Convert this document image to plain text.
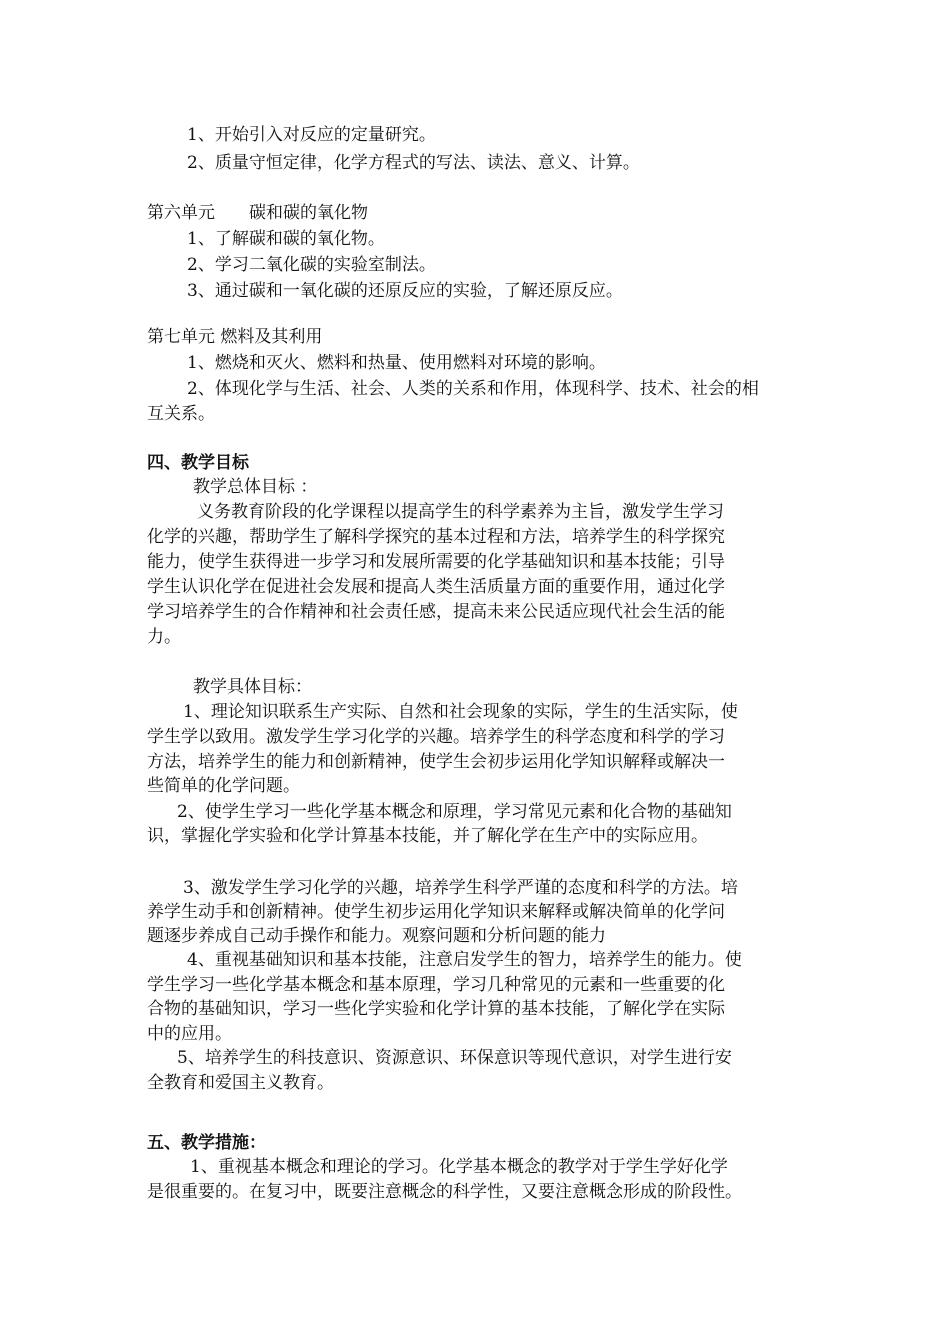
1、开始引入对反应的定量研究。

2、质量守恒定律，化学方程式的写法、读法、意义、计算。

第六单元　　碳和碳的氧化物

1、了解碳和碳的氧化物。

2、学习二氧化碳的实验室制法。

3、通过碳和一氧化碳的还原反应的实验，了解还原反应。

第七单元 燃料及其利用

1、燃烧和灭火、燃料和热量、使用燃料对环境的影响。

2、体现化学与生活、社会、人类的关系和作用，体现科学、技术、社会的相

互关系。

四、教学目标

教学总体目标 ：

义务教育阶段的化学课程以提高学生的科学素养为主旨，激发学生学习

化学的兴趣，帮助学生了解科学探究的基本过程和方法，培养学生的科学探究

能力，使学生获得进一步学习和发展所需要的化学基础知识和基本技能；引导

学生认识化学在促进社会发展和提高人类生活质量方面的重要作用，通过化学

学习培养学生的合作精神和社会责任感，提高未来公民适应现代社会生活的能

力。

教学具体目标：

1、理论知识联系生产实际、自然和社会现象的实际，学生的生活实际，使

学生学以致用。激发学生学习化学的兴趣。培养学生的科学态度和科学的学习

方法，培养学生的能力和创新精神，使学生会初步运用化学知识解释或解决一

些简单的化学问题。

2、使学生学习一些化学基本概念和原理，学习常见元素和化合物的基础知

识，掌握化学实验和化学计算基本技能，并了解化学在生产中的实际应用。

3、激发学生学习化学的兴趣，培养学生科学严谨的态度和科学的方法。培

养学生动手和创新精神。使学生初步运用化学知识来解释或解决简单的化学问

题逐步养成自己动手操作和能力。观察问题和分析问题的能力

4、重视基础知识和基本技能，注意启发学生的智力，培养学生的能力。使

学生学习一些化学基本概念和基本原理，学习几种常见的元素和一些重要的化

合物的基础知识，学习一些化学实验和化学计算的基本技能，了解化学在实际

中的应用。

5、培养学生的科技意识、资源意识、环保意识等现代意识，对学生进行安

全教育和爱国主义教育。

五、教学措施：

1、重视基本概念和理论的学习。化学基本概念的教学对于学生学好化学

是很重要的。在复习中，既要注意概念的科学性，又要注意概念形成的阶段性。
